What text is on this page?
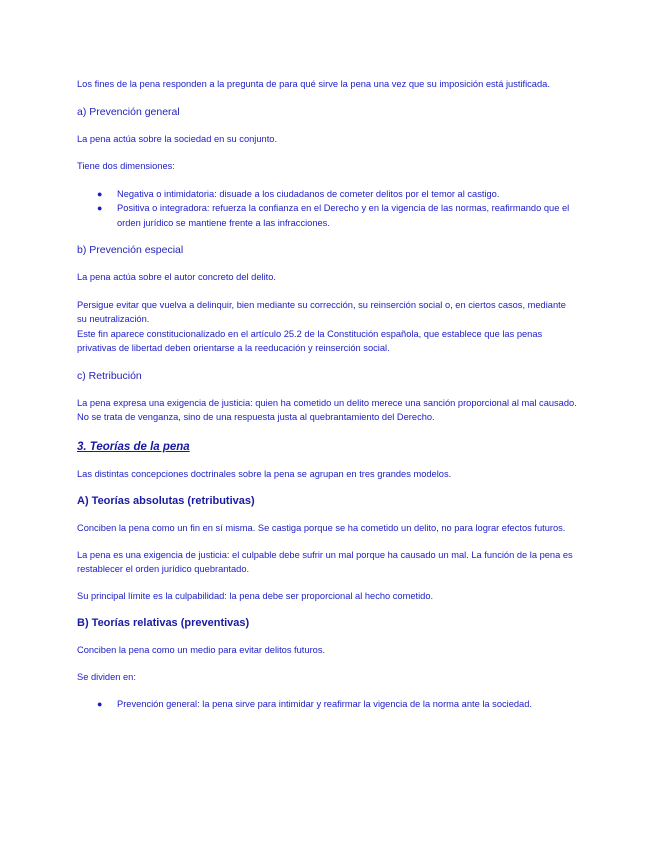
Los fines de la pena responden a la pregunta de para qué sirve la pena una vez que su imposición está justificada.

a) Prevención general

La pena actúa sobre la sociedad en su conjunto.

Tiene dos dimensiones:

● Negativa o intimidatoria: disuade a los ciudadanos de cometer delitos por el temor al castigo.
● Positiva o integradora: refuerza la confianza en el Derecho y en la vigencia de las normas, reafirmando que el orden jurídico se mantiene frente a las infracciones.

b) Prevención especial

La pena actúa sobre el autor concreto del delito.

Persigue evitar que vuelva a delinquir, bien mediante su corrección, su reinserción social o, en ciertos casos, mediante su neutralización.

Este fin aparece constitucionalizado en el artículo 25.2 de la Constitución española, que establece que las penas privativas de libertad deben orientarse a la reeducación y reinserción social.

c) Retribución

La pena expresa una exigencia de justicia: quien ha cometido un delito merece una sanción proporcional al mal causado. No se trata de venganza, sino de una respuesta justa al quebrantamiento del Derecho.

3. Teorías de la pena

Las distintas concepciones doctrinales sobre la pena se agrupan en tres grandes modelos.

A) Teorías absolutas (retributivas)

Conciben la pena como un fin en sí misma. Se castiga porque se ha cometido un delito, no para lograr efectos futuros.

La pena es una exigencia de justicia: el culpable debe sufrir un mal porque ha causado un mal. La función de la pena es restablecer el orden jurídico quebrantado.

Su principal límite es la culpabilidad: la pena debe ser proporcional al hecho cometido.

B) Teorías relativas (preventivas)

Conciben la pena como un medio para evitar delitos futuros.

Se dividen en:

● Prevención general: la pena sirve para intimidar y reafirmar la vigencia de la norma ante la sociedad.
